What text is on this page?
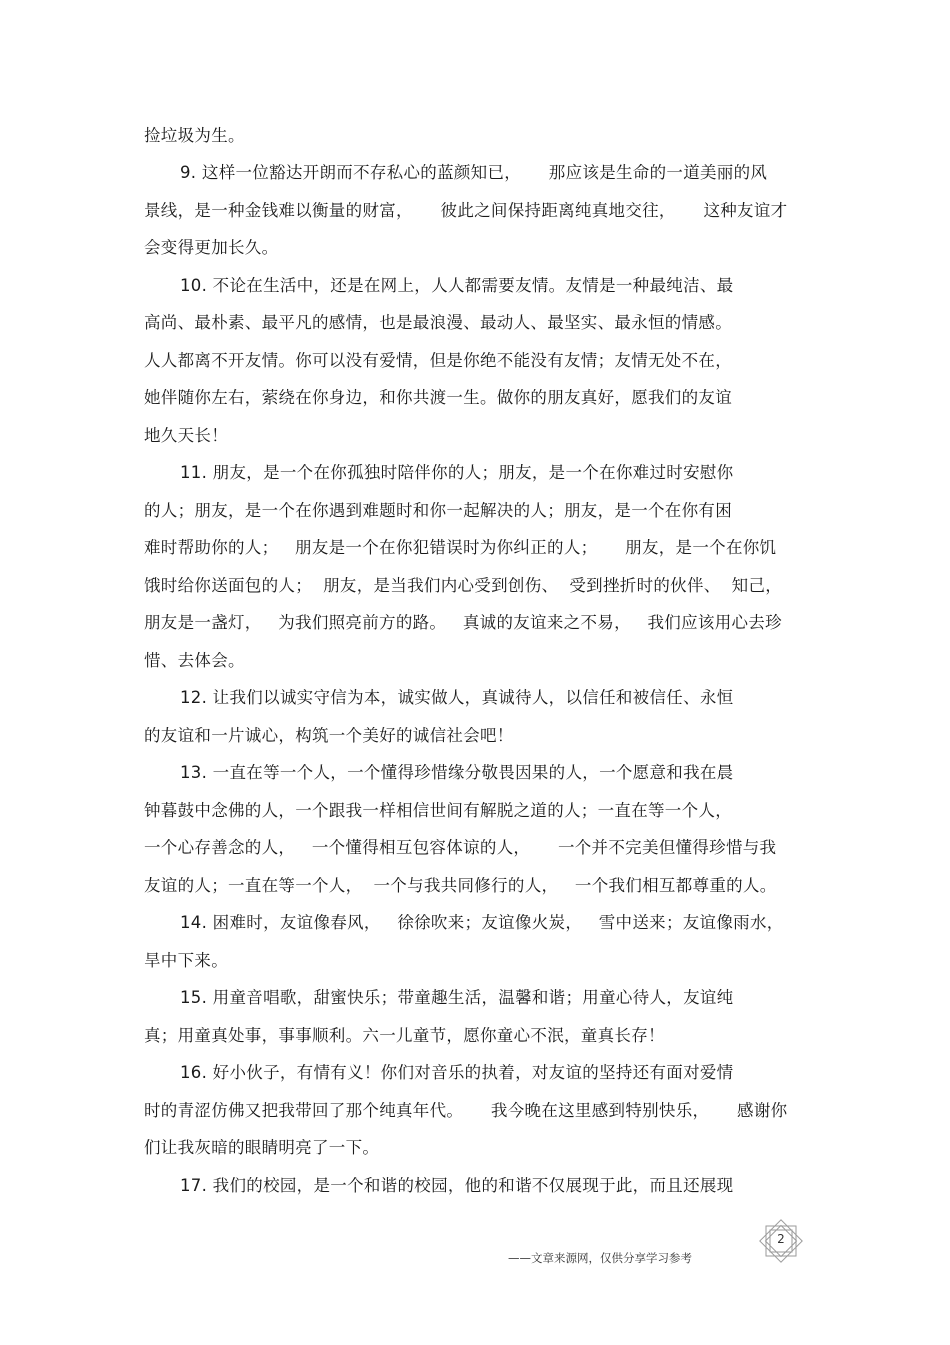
捡垃圾为生。
9. 这样一位豁达开朗而不存私心的蓝颜知已，     那应该是生命的一道美丽的风
景线，是一种金钱难以衡量的财富，     彼此之间保持距离纯真地交往，     这种友谊才
会变得更加长久。
10. 不论在生活中，还是在网上，人人都需要友情。友情是一种最纯洁、最
高尚、最朴素、最平凡的感情，也是最浪漫、最动人、最坚实、最永恒的情感。
人人都离不开友情。你可以没有爱情，但是你绝不能没有友情；友情无处不在，
她伴随你左右，萦绕在你身边，和你共渡一生。做你的朋友真好，愿我们的友谊
地久天长！
11. 朋友，是一个在你孤独时陪伴你的人；朋友，是一个在你难过时安慰你
的人；朋友，是一个在你遇到难题时和你一起解决的人；朋友，是一个在你有困
难时帮助你的人；   朋友是一个在你犯错误时为你纠正的人；     朋友，是一个在你饥
饿时给你送面包的人；  朋友，是当我们内心受到创伤、  受到挫折时的伙伴、  知己，
朋友是一盏灯，   为我们照亮前方的路。   真诚的友谊来之不易，   我们应该用心去珍
惜、去体会。
12. 让我们以诚实守信为本，诚实做人，真诚待人，以信任和被信任、永恒
的友谊和一片诚心，构筑一个美好的诚信社会吧！
13. 一直在等一个人，一个懂得珍惜缘分敬畏因果的人，一个愿意和我在晨
钟暮鼓中念佛的人，一个跟我一样相信世间有解脱之道的人；一直在等一个人，
一个心存善念的人，   一个懂得相互包容体谅的人，     一个并不完美但懂得珍惜与我
友谊的人；一直在等一个人，  一个与我共同修行的人，   一个我们相互都尊重的人。
14. 困难时，友谊像春风，   徐徐吹来；友谊像火炭，   雪中送来；友谊像雨水，
旱中下来。
15. 用童音唱歌，甜蜜快乐；带童趣生活，温馨和谐；用童心待人，友谊纯
真；用童真处事，事事顺利。六一儿童节，愿你童心不泯，童真长存！
16. 好小伙子，有情有义！你们对音乐的执着，对友谊的坚持还有面对爱情
时的青涩仿佛又把我带回了那个纯真年代。     我今晚在这里感到特别快乐，     感谢你
们让我灰暗的眼睛明亮了一下。
17. 我们的校园，是一个和谐的校园，他的和谐不仅展现于此，而且还展现
——文章来源网，仅供分享学习参考
2
